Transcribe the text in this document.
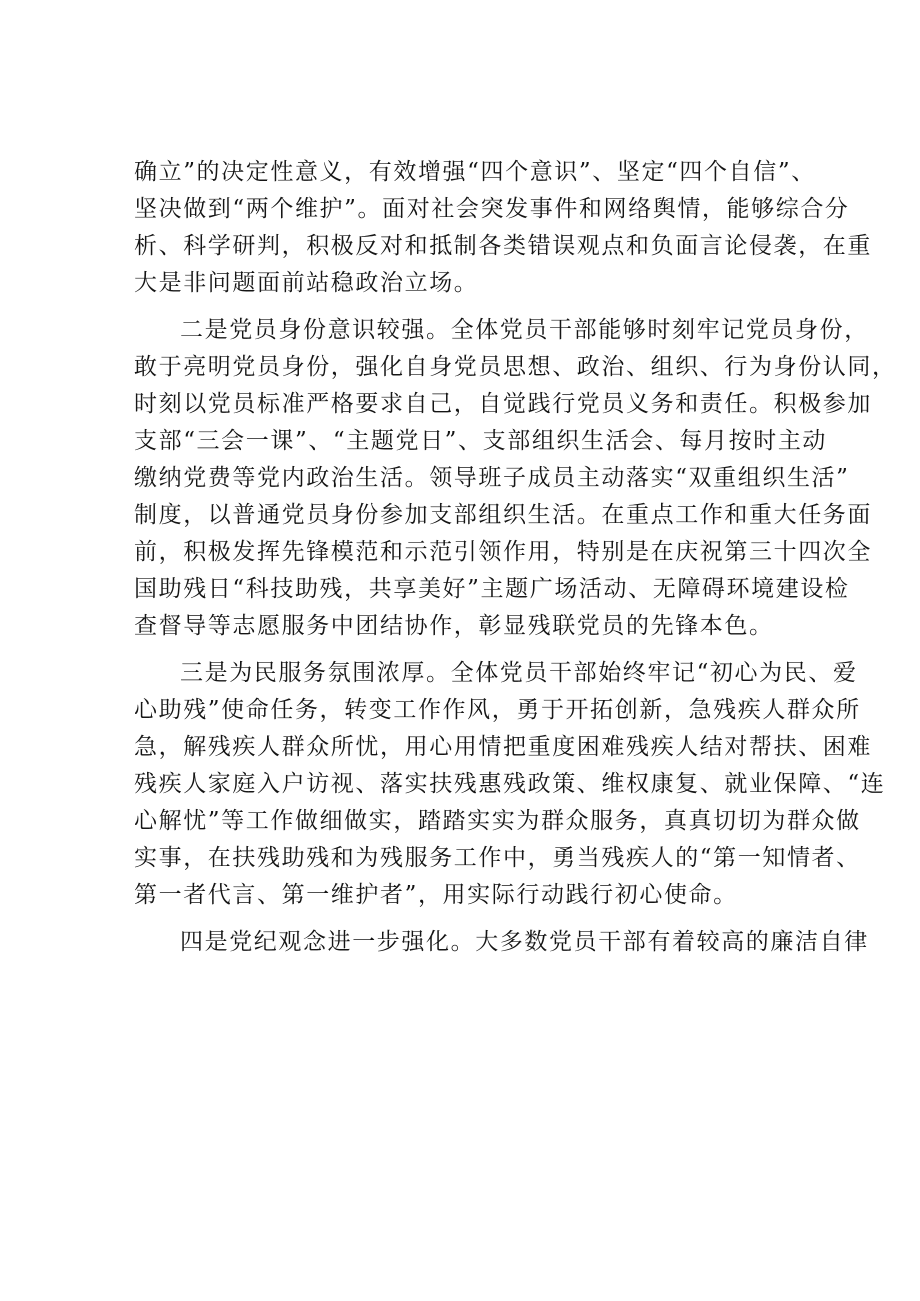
确立”的决定性意义，有效增强“四个意识”、坚定“四个自信”、
坚决做到“两个维护”。面对社会突发事件和网络舆情，能够综合分
析、科学研判，积极反对和抵制各类错误观点和负面言论侵袭，在重
大是非问题面前站稳政治立场。
二是党员身份意识较强。全体党员干部能够时刻牢记党员身份，
敢于亮明党员身份，强化自身党员思想、政治、组织、行为身份认同，
时刻以党员标准严格要求自己，自觉践行党员义务和责任。积极参加
支部“三会一课”、“主题党日”、支部组织生活会、每月按时主动
缴纳党费等党内政治生活。领导班子成员主动落实“双重组织生活”
制度，以普通党员身份参加支部组织生活。在重点工作和重大任务面
前，积极发挥先锋模范和示范引领作用，特别是在庆祝第三十四次全
国助残日“科技助残，共享美好”主题广场活动、无障碍环境建设检
查督导等志愿服务中团结协作，彰显残联党员的先锋本色。
三是为民服务氛围浓厚。全体党员干部始终牢记“初心为民、爱
心助残”使命任务，转变工作作风，勇于开拓创新，急残疾人群众所
急，解残疾人群众所忧，用心用情把重度困难残疾人结对帮扶、困难
残疾人家庭入户访视、落实扶残惠残政策、维权康复、就业保障、“连
心解忧”等工作做细做实，踏踏实实为群众服务，真真切切为群众做
实事，在扶残助残和为残服务工作中，勇当残疾人的“第一知情者、
第一者代言、第一维护者”，用实际行动践行初心使命。
四是党纪观念进一步强化。大多数党员干部有着较高的廉洁自律
